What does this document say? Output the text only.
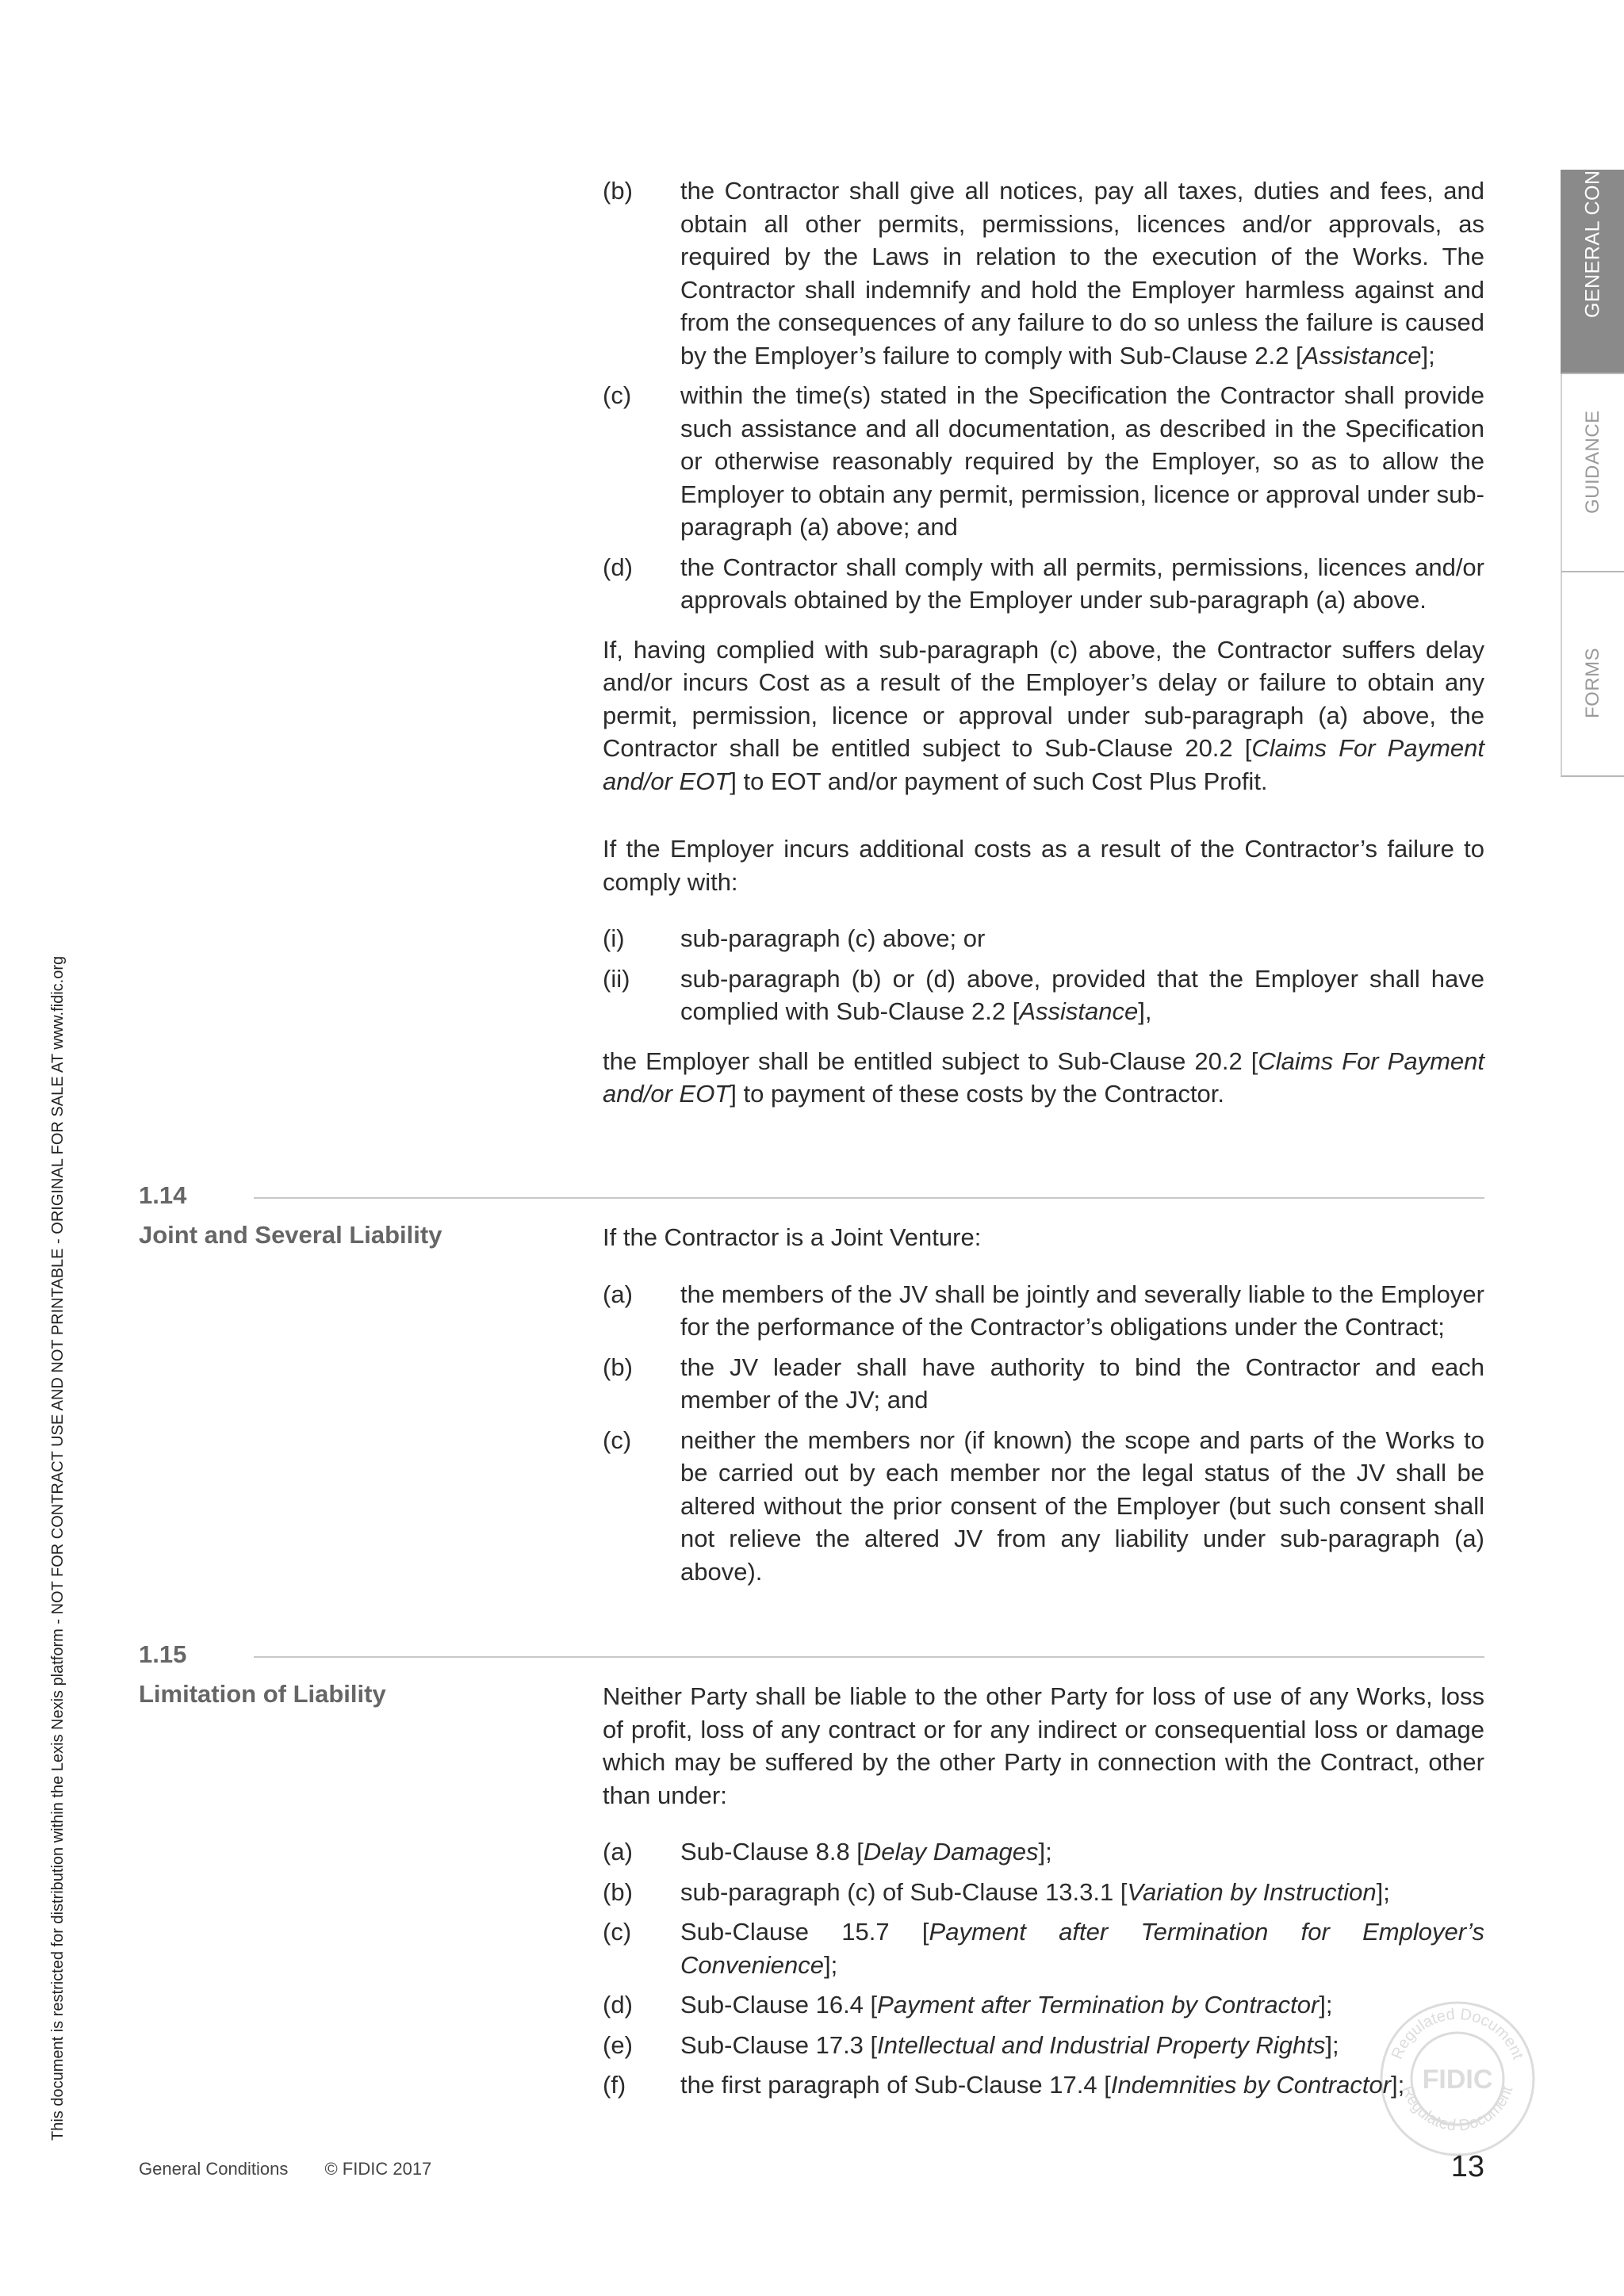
This document is restricted for distribution within the Lexis Nexis platform - NOT FOR CONTRACT USE AND NOT PRINTABLE - ORIGINAL FOR SALE AT www.fidic.org
GENERAL CONDITIONS
GUIDANCE
FORMS
(b) the Contractor shall give all notices, pay all taxes, duties and fees, and obtain all other permits, permissions, licences and/or approvals, as required by the Laws in relation to the execution of the Works. The Contractor shall indemnify and hold the Employer harmless against and from the consequences of any failure to do so unless the failure is caused by the Employer’s failure to comply with Sub-Clause 2.2 [Assistance];
(c) within the time(s) stated in the Specification the Contractor shall provide such assistance and all documentation, as described in the Specification or otherwise reasonably required by the Employer, so as to allow the Employer to obtain any permit, permission, licence or approval under sub-paragraph (a) above; and
(d) the Contractor shall comply with all permits, permissions, licences and/or approvals obtained by the Employer under sub-paragraph (a) above.
If, having complied with sub-paragraph (c) above, the Contractor suffers delay and/or incurs Cost as a result of the Employer’s delay or failure to obtain any permit, permission, licence or approval under sub-paragraph (a) above, the Contractor shall be entitled subject to Sub-Clause 20.2 [Claims For Payment and/or EOT] to EOT and/or payment of such Cost Plus Profit.
If the Employer incurs additional costs as a result of the Contractor’s failure to comply with:
(i) sub-paragraph (c) above; or
(ii) sub-paragraph (b) or (d) above, provided that the Employer shall have complied with Sub-Clause 2.2 [Assistance],
the Employer shall be entitled subject to Sub-Clause 20.2 [Claims For Payment and/or EOT] to payment of these costs by the Contractor.
1.14
Joint and Several Liability	If the Contractor is a Joint Venture:
(a) the members of the JV shall be jointly and severally liable to the Employer for the performance of the Contractor’s obligations under the Contract;
(b) the JV leader shall have authority to bind the Contractor and each member of the JV; and
(c) neither the members nor (if known) the scope and parts of the Works to be carried out by each member nor the legal status of the JV shall be altered without the prior consent of the Employer (but such consent shall not relieve the altered JV from any liability under sub-paragraph (a) above).
1.15
Limitation of Liability	Neither Party shall be liable to the other Party for loss of use of any Works, loss of profit, loss of any contract or for any indirect or consequential loss or damage which may be suffered by the other Party in connection with the Contract, other than under:
(a) Sub-Clause 8.8 [Delay Damages];
(b) sub-paragraph (c) of Sub-Clause 13.3.1 [Variation by Instruction];
(c) Sub-Clause 15.7 [Payment after Termination for Employer’s Convenience];
(d) Sub-Clause 16.4 [Payment after Termination by Contractor];
(e) Sub-Clause 17.3 [Intellectual and Industrial Property Rights];
(f) the first paragraph of Sub-Clause 17.4 [Indemnities by Contractor];
Regulated Document
Regulated Document
FIDIC
General Conditions © FIDIC 2017	13
